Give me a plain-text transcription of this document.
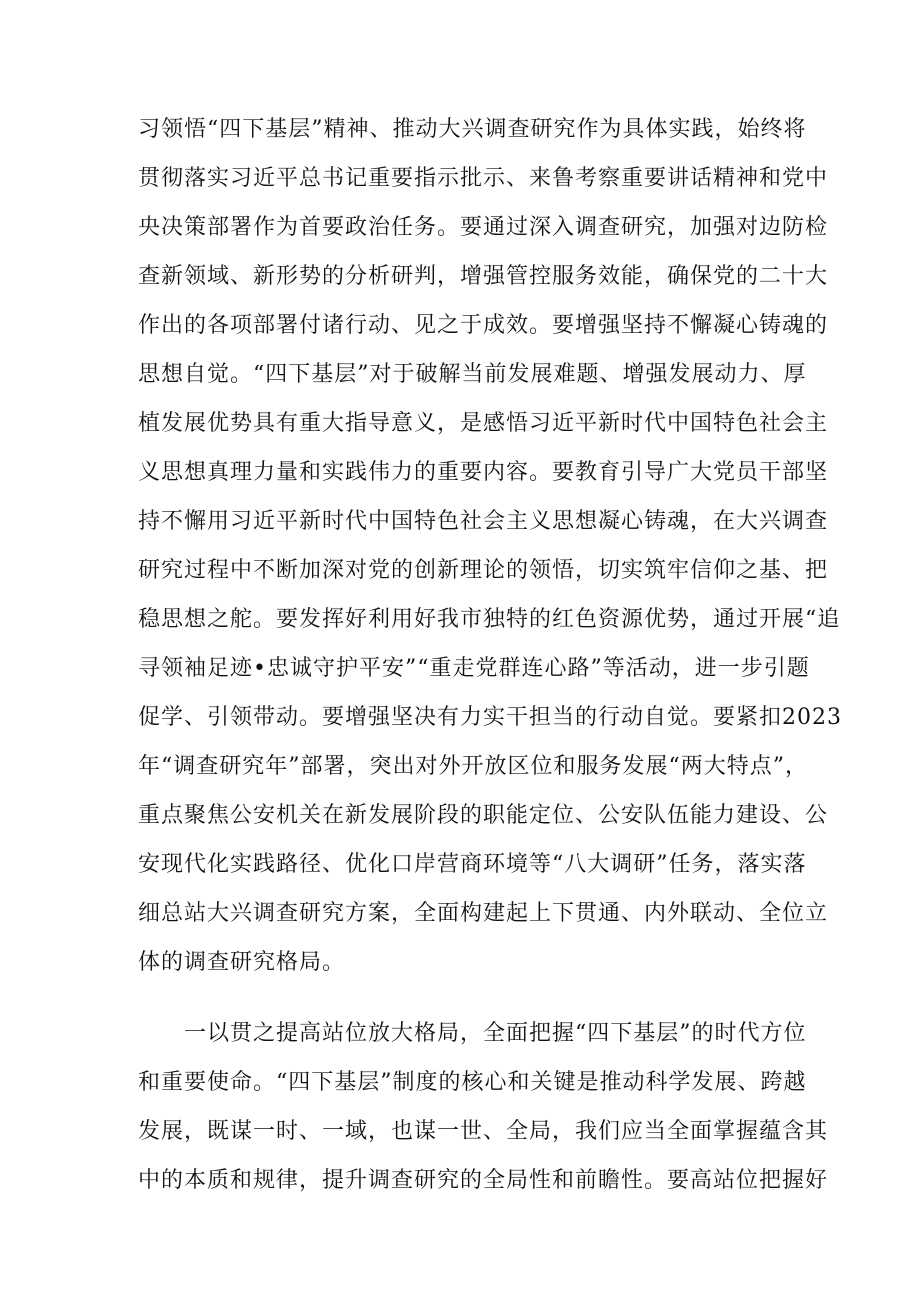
习领悟“四下基层”精神、推动大兴调查研究作为具体实践，始终将
贯彻落实习近平总书记重要指示批示、来鲁考察重要讲话精神和党中
央决策部署作为首要政治任务。要通过深入调查研究，加强对边防检
查新领域、新形势的分析研判，增强管控服务效能，确保党的二十大
作出的各项部署付诸行动、见之于成效。要增强坚持不懈凝心铸魂的
思想自觉。“四下基层”对于破解当前发展难题、增强发展动力、厚
植发展优势具有重大指导意义，是感悟习近平新时代中国特色社会主
义思想真理力量和实践伟力的重要内容。要教育引导广大党员干部坚
持不懈用习近平新时代中国特色社会主义思想凝心铸魂，在大兴调查
研究过程中不断加深对党的创新理论的领悟，切实筑牢信仰之基、把
稳思想之舵。要发挥好利用好我市独特的红色资源优势，通过开展“追
寻领袖足迹•忠诚守护平安”“重走党群连心路”等活动，进一步引题
促学、引领带动。要增强坚决有力实干担当的行动自觉。要紧扣2023
年“调查研究年”部署，突出对外开放区位和服务发展“两大特点”，
重点聚焦公安机关在新发展阶段的职能定位、公安队伍能力建设、公
安现代化实践路径、优化口岸营商环境等“八大调研”任务，落实落
细总站大兴调查研究方案，全面构建起上下贯通、内外联动、全位立
体的调查研究格局。
　　一以贯之提高站位放大格局，全面把握“四下基层”的时代方位
和重要使命。“四下基层”制度的核心和关键是推动科学发展、跨越
发展，既谋一时、一域，也谋一世、全局，我们应当全面掌握蕴含其
中的本质和规律，提升调查研究的全局性和前瞻性。要高站位把握好
